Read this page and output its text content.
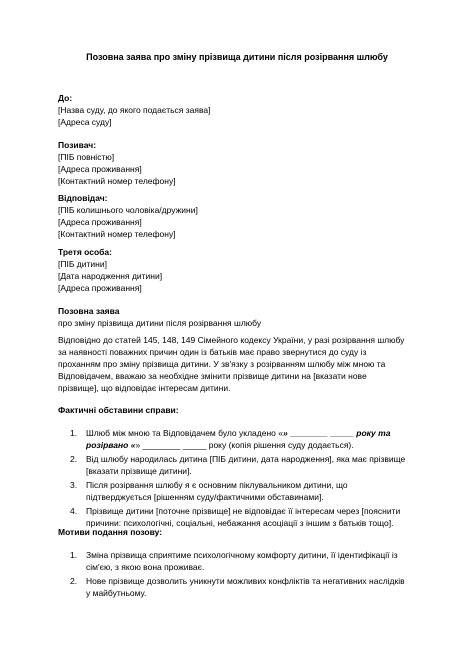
Позовна заява про зміну прізвища дитини після розірвання шлюбу
До:
[Назва суду, до якого подається заява]
[Адреса суду]
Позивач:
[ПІБ повністю]
[Адреса проживання]
[Контактний номер телефону]
Відповідач:
[ПІБ колишнього чоловіка/дружини]
[Адреса проживання]
[Контактний номер телефону]
Третя особа:
[ПІБ дитини]
[Дата народження дитини]
[Адреса проживання]
Позовна заява
про зміну прізвища дитини після розірвання шлюбу
Відповідно до статей 145, 148, 149 Сімейного кодексу України, у разі розірвання шлюбу
за наявності поважних причин один із батьків має право звернутися до суду із
проханням про зміну прізвища дитини. У зв'язку з розірванням шлюбу між мною та
Відповідачем, вважаю за необхідне змінити прізвище дитини на [вказати нове
прізвище], що відповідає інтересам дитини.
Фактичні обставини справи:
1. Шлюб між мною та Відповідачем було укладено «» ________ _____ року та
розірвано «» ________ _____ року (копія рішення суду додається).
2. Від шлюбу народилась дитина [ПІБ дитини, дата народження], яка має прізвище
[вказати прізвище дитини].
3. Після розірвання шлюбу я є основним піклувальником дитини, що
підтверджується [рішенням суду/фактичними обставинами].
4. Прізвище дитини [поточне прізвище] не відповідає її інтересам через [пояснити
причини: психологічні, соціальні, небажання асоціації з іншим з батьків тощо].
Мотиви подання позову:
1. Зміна прізвища сприятиме психологічному комфорту дитини, її ідентифікації із
сім'єю, з якою вона проживає.
2. Нове прізвище дозволить уникнути можливих конфліктів та негативних наслідків
у майбутньому.
